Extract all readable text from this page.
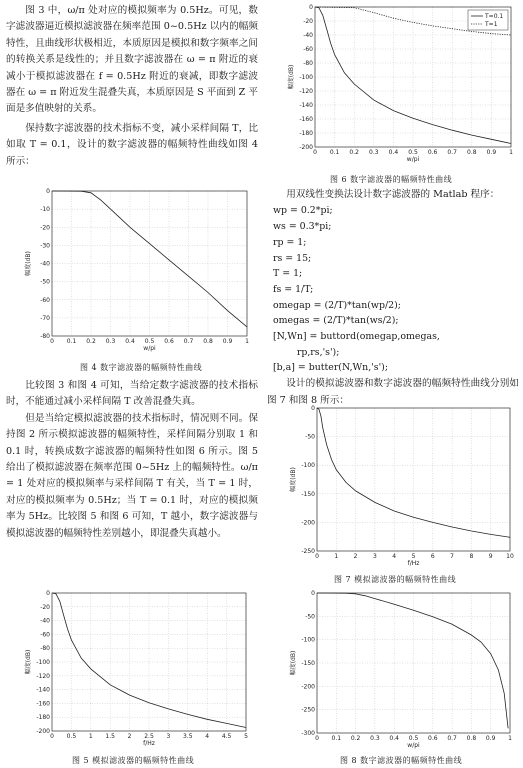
图 3 中，ω/π 处对应的模拟频率为 0.5Hz。可见，数字滤波器逼近模拟滤波器在频率范围 0~0.5Hz 以内的幅频特性，且曲线形状极相近，本质原因是模拟和数字频率之间的转换关系是线性的；并且数字滤波器在 ω = π 附近的衰减小于模拟滤波器在 f = 0.5Hz 附近的衰减，即数字滤波器在 ω = π 附近发生混叠失真，本质原因是 S 平面到 Z 平面是多值映射的关系。

保持数字滤波器的技术指标不变，减小采样间隔 T，比如取 T = 0.1，设计的数字滤波器的幅频特性曲线如图 4 所示：

0 0.1 0.2 0.3 0.4 0.5 0.6 0.7 0.8 0.9 1
0
-10
-20
-30
-40
-50
-60
-70
-80
w/pi
幅度(dB)
图 4 数字滤波器的幅频特性曲线

比较图 3 和图 4 可知，当给定数字滤波器的技术指标时，不能通过减小采样间隔 T 改善混叠失真。

但是当给定模拟滤波器的技术指标时，情况则不同。保持图 2 所示模拟滤波器的幅频特性，采样间隔分别取 1 和 0.1 时，转换成数字滤波器的幅频特性如图 6 所示。图 5 给出了模拟滤波器在频率范围 0~5Hz 上的幅频特性。ω/π = 1 处对应的模拟频率与采样间隔 T 有关，当 T = 1 时，对应的模拟频率为 0.5Hz；当 T = 0.1 时，对应的模拟频率为 5Hz。比较图 5 和图 6 可知，T 越小，数字滤波器与模拟滤波器的幅频特性差别越小，即混叠失真越小。

0 0.5 1 1.5 2 2.5 3 3.5 4 4.5 5
0
-20
-40
-60
-80
-100
-120
-140
-160
-180
-200
f/Hz
幅度(dB)
图 5 模拟滤波器的幅频特性曲线
0 0.1 0.2 0.3 0.4 0.5 0.6 0.7 0.8 0.9 1
0
-20
-40
-60
-80
-100
-120
-140
-160
-180
-200
w/pi
幅度(dB)
T=0.1
T=1
图 6 数字滤波器的幅频特性曲线

用双线性变换法设计数字滤波器的 Matlab 程序：

wp = 0.2*pi;
ws = 0.3*pi;
rp = 1;
rs = 15;
T = 1;
fs = 1/T;
omegap = (2/T)*tan(wp/2);
omegas = (2/T)*tan(ws/2);
[N,Wn] = buttord(omegap,omegas,
rp,rs,'s');
[b,a] = butter(N,Wn,'s');

设计的模拟滤波器和数字滤波器的幅频特性曲线分别如图 7 和图 8 所示：

0	1	2	3	4	5	6	7	8	9 10
0
-50
-100
-150
-200
-250
f/Hz
幅度(dB)
图 7 模拟滤波器的幅频特性曲线
0 0.1 0.2 0.3 0.4 0.5 0.6 0.7 0.8 0.9 1
0
-50
-100
-150
-200
-250
-300
w/pi
幅度(dB)
图 8 数字滤波器的幅频特性曲线
